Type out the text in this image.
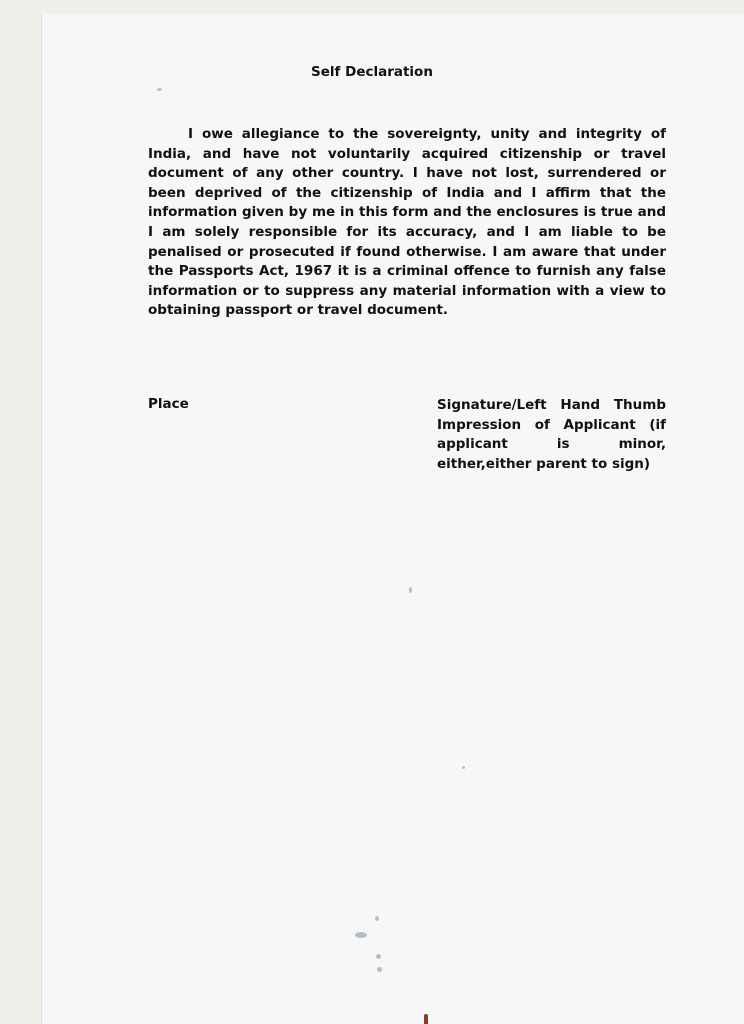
Self Declaration

I owe allegiance to the sovereignty, unity and integrity of India, and have not voluntarily acquired citizenship or travel document of any other country. I have not lost, surrendered or been deprived of the citizenship of India and I affirm that the information given by me in this form and the enclosures is true and I am solely responsible for its accuracy, and I am liable to be penalised or prosecuted if found otherwise. I am aware that under the Passports Act, 1967 it is a criminal offence to furnish any false information or to suppress any material information with a view to obtaining passport or travel document.

Place	Signature/Left Hand Thumb Impression of Applicant (if applicant is minor, either,either parent to sign)
